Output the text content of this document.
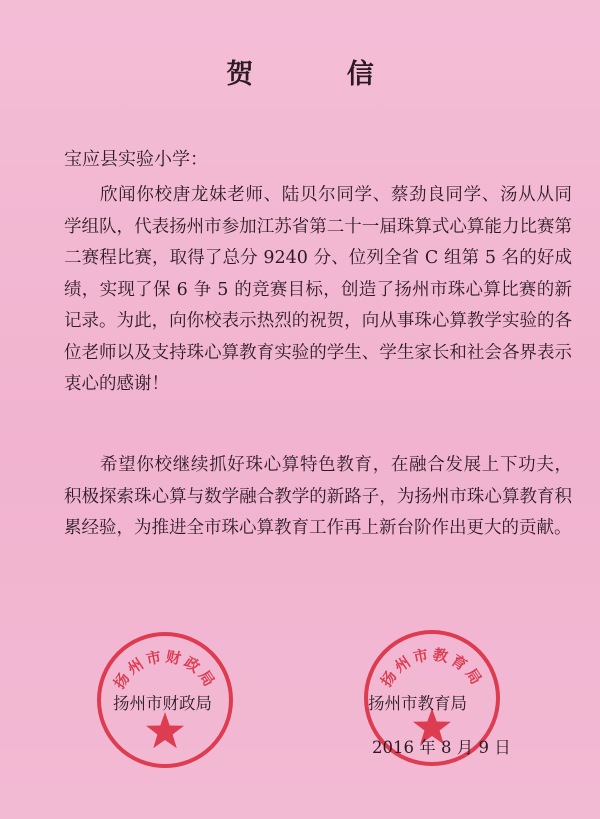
贺 信
宝应县实验小学：

欣闻你校唐龙妹老师、陆贝尔同学、蔡劲良同学、汤从从同学组队，代表扬州市参加江苏省第二十一届珠算式心算能力比赛第二赛程比赛，取得了总分 9240 分、位列全省 C 组第 5 名的好成绩，实现了保 6 争 5 的竞赛目标，创造了扬州市珠心算比赛的新记录。为此，向你校表示热烈的祝贺，向从事珠心算教学实验的各位老师以及支持珠心算教育实验的学生、学生家长和社会各界表示衷心的感谢！

希望你校继续抓好珠心算特色教育，在融合发展上下功夫，积极探索珠心算与数学融合教学的新路子，为扬州市珠心算教育积累经验，为推进全市珠心算教育工作再上新台阶作出更大的贡献。

扬州市财政局	扬州市教育局
扬州市财政局	扬州市教育局
2016 年 8 月 9 日
